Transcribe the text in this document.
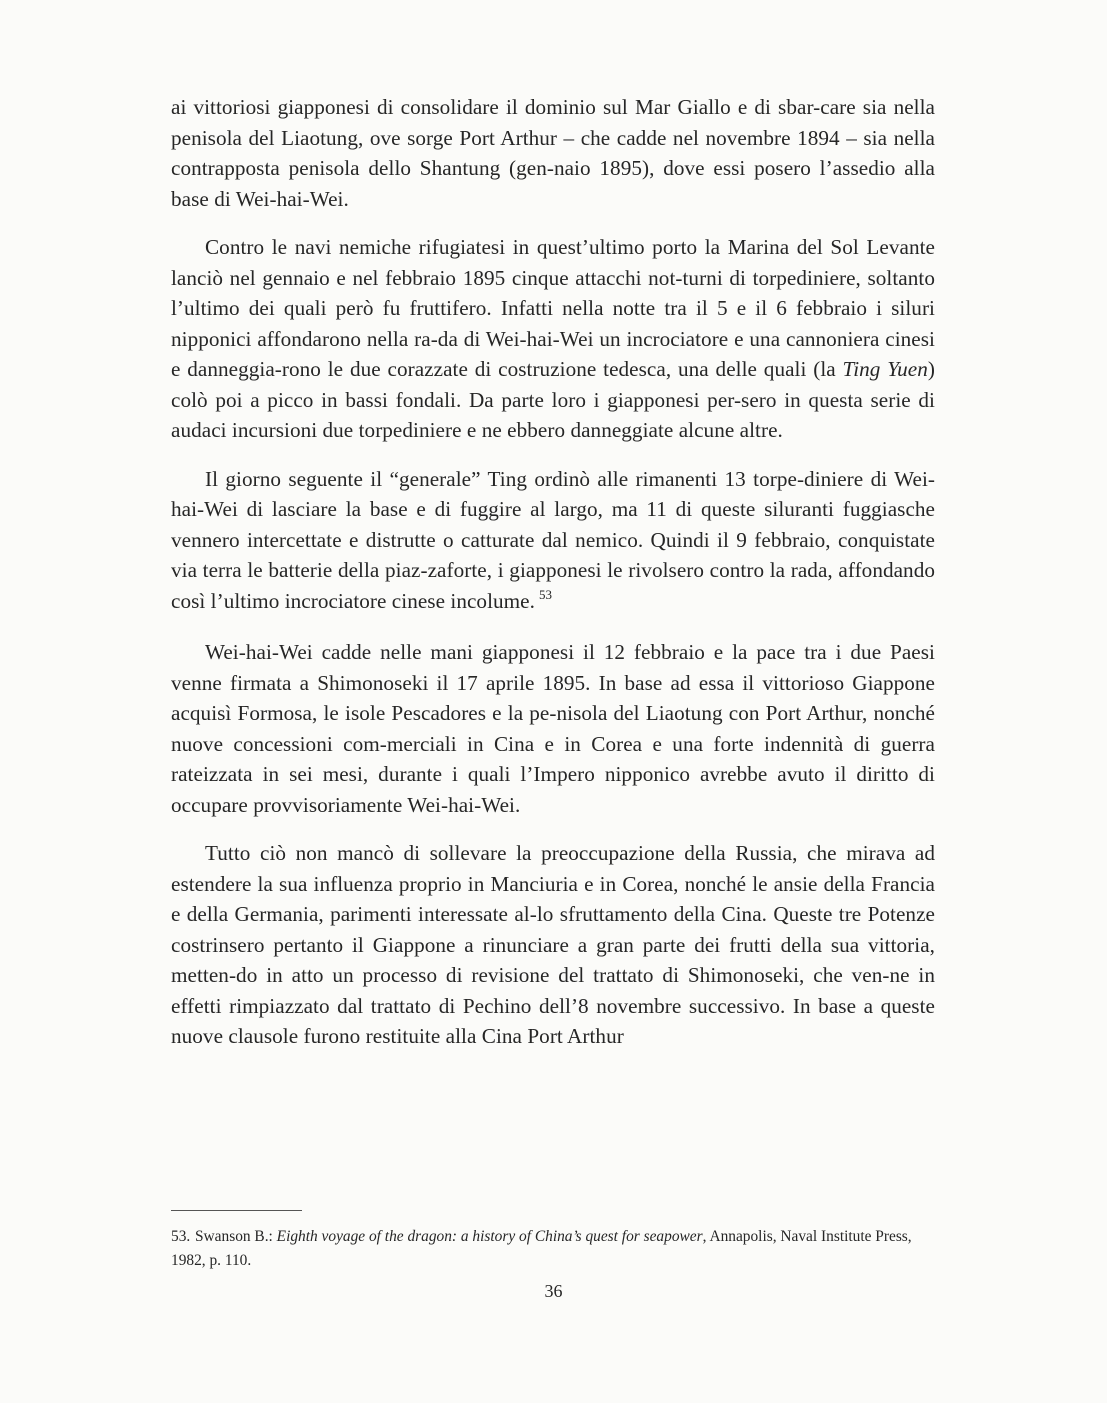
ai vittoriosi giapponesi di consolidare il dominio sul Mar Giallo e di sbar-care sia nella penisola del Liaotung, ove sorge Port Arthur – che cadde nel novembre 1894 – sia nella contrapposta penisola dello Shantung (gen-naio 1895), dove essi posero l’assedio alla base di Wei-hai-Wei.

Contro le navi nemiche rifugiatesi in quest’ultimo porto la Marina del Sol Levante lanciò nel gennaio e nel febbraio 1895 cinque attacchi not-turni di torpediniere, soltanto l’ultimo dei quali però fu fruttifero. Infatti nella notte tra il 5 e il 6 febbraio i siluri nipponici affondarono nella ra-da di Wei-hai-Wei un incrociatore e una cannoniera cinesi e danneggia-rono le due corazzate di costruzione tedesca, una delle quali (la Ting Yuen) colò poi a picco in bassi fondali. Da parte loro i giapponesi per-sero in questa serie di audaci incursioni due torpediniere e ne ebbero danneggiate alcune altre.

Il giorno seguente il “generale” Ting ordinò alle rimanenti 13 torpe-diniere di Wei-hai-Wei di lasciare la base e di fuggire al largo, ma 11 di queste siluranti fuggiasche vennero intercettate e distrutte o catturate dal nemico. Quindi il 9 febbraio, conquistate via terra le batterie della piaz-zaforte, i giapponesi le rivolsero contro la rada, affondando così l’ultimo incrociatore cinese incolume. $^{53}$

Wei-hai-Wei cadde nelle mani giapponesi il 12 febbraio e la pace tra i due Paesi venne firmata a Shimonoseki il 17 aprile 1895. In base ad essa il vittorioso Giappone acquisì Formosa, le isole Pescadores e la pe-nisola del Liaotung con Port Arthur, nonché nuove concessioni com-merciali in Cina e in Corea e una forte indennità di guerra rateizzata in sei mesi, durante i quali l’Impero nipponico avrebbe avuto il diritto di occupare provvisoriamente Wei-hai-Wei.

Tutto ciò non mancò di sollevare la preoccupazione della Russia, che mirava ad estendere la sua influenza proprio in Manciuria e in Corea, nonché le ansie della Francia e della Germania, parimenti interessate al-lo sfruttamento della Cina. Queste tre Potenze costrinsero pertanto il Giappone a rinunciare a gran parte dei frutti della sua vittoria, metten-do in atto un processo di revisione del trattato di Shimonoseki, che ven-ne in effetti rimpiazzato dal trattato di Pechino dell’8 novembre successivo. In base a queste nuove clausole furono restituite alla Cina Port Arthur

53. Swanson B.: Eighth voyage of the dragon: a history of China’s quest for seapower, Annapolis, Naval Institute Press, 1982, p. 110.
36
